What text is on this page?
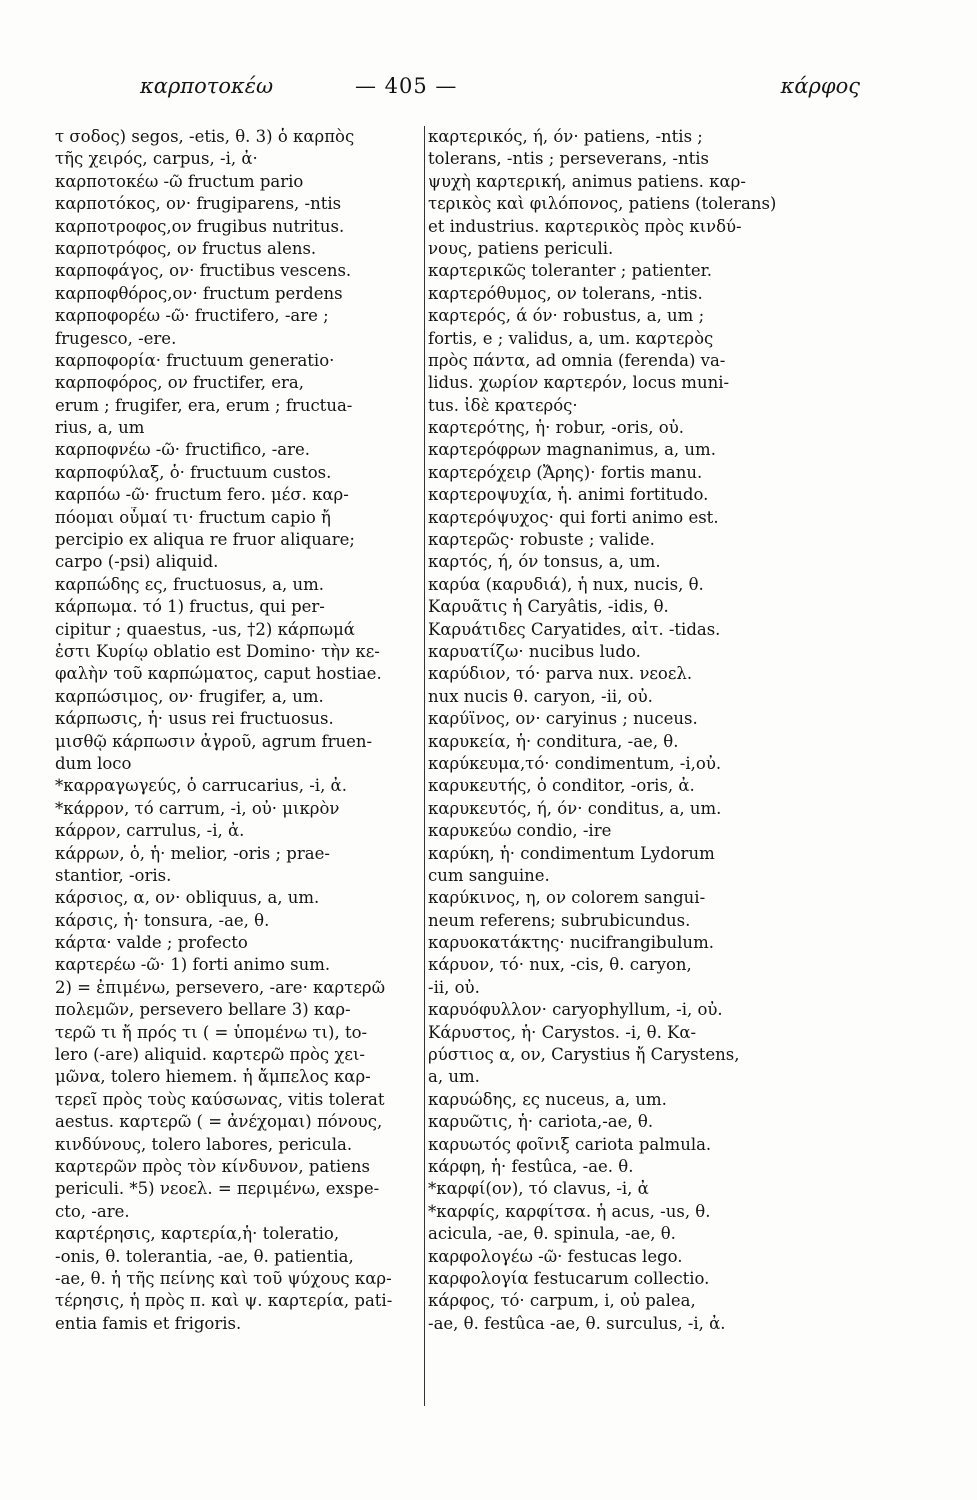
καρποτοκέω	— 405 —	κάρφος
τ σοδος) segos, -etis, θ. 3) ὁ καρπὸς
τῆς χειρός, carpus, -i, ἀ·
καρποτοκέω -ῶ fructum pario
καρποτόκος, ον· frugiparens, -ntis
καρποτροφος,ον frugibus nutritus.
καρποτρόφος, ον fructus alens.
καρποφάγος, ον· fructibus vescens.
καρποφθόρος,ον· fructum perdens
καρποφορέω -ῶ· fructifero, -are ;
frugesco, -ere.
καρποφορία· fructuum generatio·
καρποφόρος, ον fructifer, era,
erum ; frugifer, era, erum ; fructua-
rius, a, um
καρποφνέω -ῶ· fructifico, -are.
καρποφύλαξ, ὁ· fructuum custos.
καρπόω -ῶ· fructum fero. μέσ. καρ-
πόομαι οὖμαί τι· fructum capio ἤ
percipio ex aliqua re fruor aliquare;
carpo (-psi) aliquid.
καρπώδης ες, fructuosus, a, um.
κάρπωμα. τό 1) fructus, qui per-
cipitur ; quaestus, -us, †2) κάρπωμά
ἐστι Κυρίῳ oblatio est Domino· τὴν κε-
φαλὴν τοῦ καρπώματος, caput hostiae.
καρπώσιμος, ον· frugifer, a, um.
κάρπωσις, ἡ· usus rei fructuosus.
μισθῷ κάρπωσιν ἀγροῦ, agrum fruen-
dum loco
*καρραγωγεύς, ὁ carrucarius, -i, ἀ.
*κάρρον, τό carrum, -i, οὐ· μικρὸν
κάρρον, carrulus, -i, ἀ.
κάρρων, ὁ, ἡ· melior, -oris ; prae-
stantior, -oris.
κάρσιος, α, ον· obliquus, a, um.
κάρσις, ἡ· tonsura, -ae, θ.
κάρτα· valde ; profecto
καρτερέω -ῶ· 1) forti animo sum.
2) = ἐπιμένω, persevero, -are· καρτερῶ
πολεμῶν, persevero bellare 3) καρ-
τερῶ τι ἤ πρός τι ( = ὑπομένω τι), to-
lero (-are) aliquid. καρτερῶ πρὸς χει-
μῶνα, tolero hiemem. ἡ ἄμπελος καρ-
τερεῖ πρὸς τοὺς καύσωνας, vitis tolerat
aestus. καρτερῶ ( = ἀνέχομαι) πόνους,
κινδύνους, tolero labores, pericula.
καρτερῶν πρὸς τὸν κίνδυνον, patiens
periculi. *5) νεοελ. = περιμένω, exspe-
cto, -are.
καρτέρησις, καρτερία,ἡ· toleratio,
-onis, θ. tolerantia, -ae, θ. patientia,
-ae, θ. ἡ τῆς πείνης καὶ τοῦ ψύχους καρ-
τέρησις, ἡ πρὸς π. καὶ ψ. καρτερία, pati-
entia famis et frigoris.
καρτερικός, ή, όν· patiens, -ntis ;
tolerans, -ntis ; perseverans, -ntis
ψυχὴ καρτερική, animus patiens. καρ-
τερικὸς καὶ φιλόπονος, patiens (tolerans)
et industrius. καρτερικὸς πρὸς κινδύ-
νους, patiens periculi.
καρτερικῶς toleranter ; patienter.
καρτερόθυμος, ον tolerans, -ntis.
καρτερός, ά όν· robustus, a, um ;
fortis, e ; validus, a, um. καρτερὸς
πρὸς πάντα, ad omnia (ferenda) va-
lidus. χωρίον καρτερόν, locus muni-
tus. ἰδὲ κρατερός·
καρτερότης, ἡ· robur, -oris, οὐ.
καρτερόφρων magnanimus, a, um.
καρτερόχειρ (Ἄρης)· fortis manu.
καρτεροψυχία, ἡ. animi fortitudo.
καρτερόψυχος· qui forti animo est.
καρτερῶς· robuste ; valide.
καρτός, ή, όν tonsus, a, um.
καρύα (καρυδιά), ἡ nux, nucis, θ.
Καρυᾶτις ἡ Caryâtis, -idis, θ.
Καρυάτιδες Caryatides, αἰτ. -tidas.
καρυατίζω· nucibus ludo.
καρύδιον, τό· parva nux. νεοελ.
nux nucis θ. caryon, -ii, οὐ.
καρύϊνος, ον· caryinus ; nuceus.
καρυκεία, ἡ· conditura, -ae, θ.
καρύκευμα,τό· condimentum, -i,οὐ.
καρυκευτής, ὁ conditor, -oris, ἀ.
καρυκευτός, ή, όν· conditus, a, um.
καρυκεύω condio, -ire
καρύκη, ἡ· condimentum Lydorum
cum sanguine.
καρύκινος, η, ον colorem sangui-
neum referens; subrubicundus.
καρυοκατάκτης· nucifrangibulum.
κάρυον, τό· nux, -cis, θ. caryon,
-ii, οὐ.
καρυόφυλλον· caryophyllum, -i, οὐ.
Κάρυστος, ἡ· Carystos. -i, θ. Κα-
ρύστιος α, ον, Carystius ἤ Carystens,
a, um.
καρυώδης, ες nuceus, a, um.
καρυῶτις, ἡ· cariota,-ae, θ.
καρυωτός φοῖνιξ cariota palmula.
κάρφη, ἡ· festûca, -ae. θ.
*καρφί(ον), τό clavus, -i, ἀ
*καρφίς, καρφίτσα. ἡ acus, -us, θ.
acicula, -ae, θ. spinula, -ae, θ.
καρφολογέω -ῶ· festucas lego.
καρφολογία festucarum collectio.
κάρφος, τό· carpum, i, οὐ palea,
-ae, θ. festûca -ae, θ. surculus, -i, ἀ.
